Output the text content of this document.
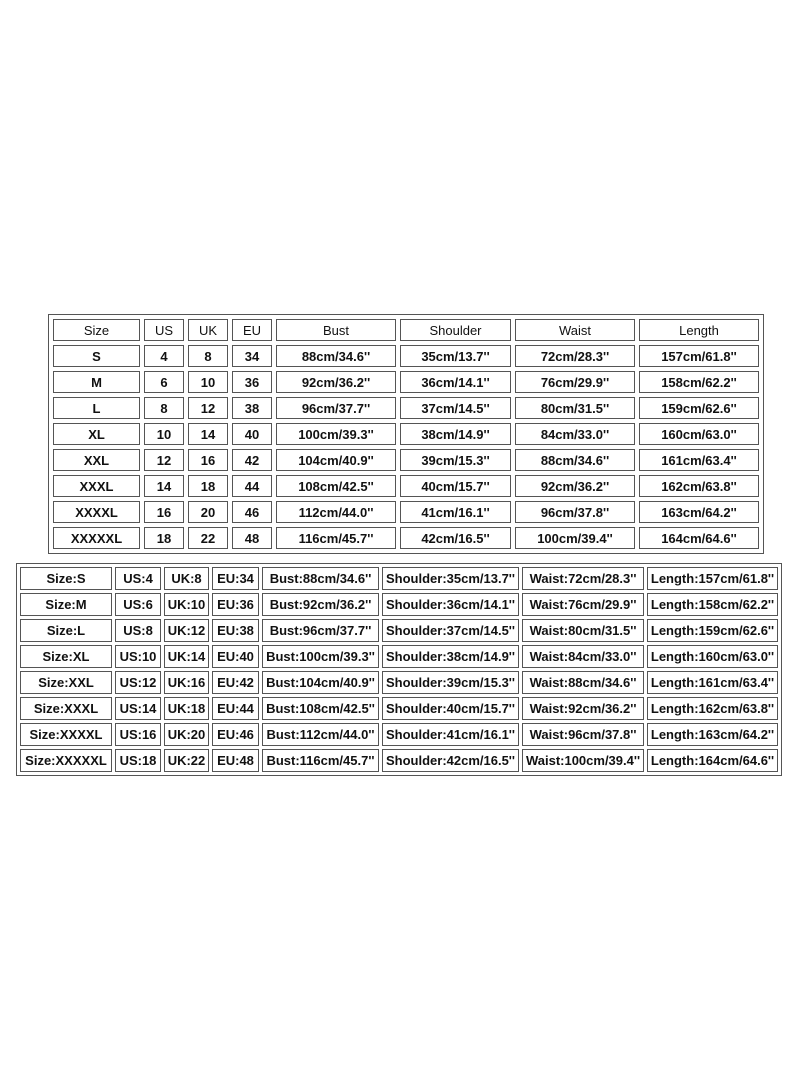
Size	US	UK	EU	Bust	Shoulder	Waist	Length
S	4	8	34	88cm/34.6''	35cm/13.7''	72cm/28.3''	157cm/61.8''
M	6	10	36	92cm/36.2''	36cm/14.1''	76cm/29.9''	158cm/62.2''
L	8	12	38	96cm/37.7''	37cm/14.5''	80cm/31.5''	159cm/62.6''
XL	10	14	40	100cm/39.3''	38cm/14.9''	84cm/33.0''	160cm/63.0''
XXL	12	16	42	104cm/40.9''	39cm/15.3''	88cm/34.6''	161cm/63.4''
XXXL	14	18	44	108cm/42.5''	40cm/15.7''	92cm/36.2''	162cm/63.8''
XXXXL	16	20	46	112cm/44.0''	41cm/16.1''	96cm/37.8''	163cm/64.2''
XXXXXL	18	22	48	116cm/45.7''	42cm/16.5''	100cm/39.4''	164cm/64.6''
Size:S	US:4	UK:8	EU:34	Bust:88cm/34.6''	Shoulder:35cm/13.7''	Waist:72cm/28.3''	Length:157cm/61.8''
Size:M	US:6	UK:10	EU:36	Bust:92cm/36.2''	Shoulder:36cm/14.1''	Waist:76cm/29.9''	Length:158cm/62.2''
Size:L	US:8	UK:12	EU:38	Bust:96cm/37.7''	Shoulder:37cm/14.5''	Waist:80cm/31.5''	Length:159cm/62.6''
Size:XL	US:10	UK:14	EU:40	Bust:100cm/39.3''	Shoulder:38cm/14.9''	Waist:84cm/33.0''	Length:160cm/63.0''
Size:XXL	US:12	UK:16	EU:42	Bust:104cm/40.9''	Shoulder:39cm/15.3''	Waist:88cm/34.6''	Length:161cm/63.4''
Size:XXXL	US:14	UK:18	EU:44	Bust:108cm/42.5''	Shoulder:40cm/15.7''	Waist:92cm/36.2''	Length:162cm/63.8''
Size:XXXXL	US:16	UK:20	EU:46	Bust:112cm/44.0''	Shoulder:41cm/16.1''	Waist:96cm/37.8''	Length:163cm/64.2''
Size:XXXXXL	US:18	UK:22	EU:48	Bust:116cm/45.7''	Shoulder:42cm/16.5''	Waist:100cm/39.4''	Length:164cm/64.6''
